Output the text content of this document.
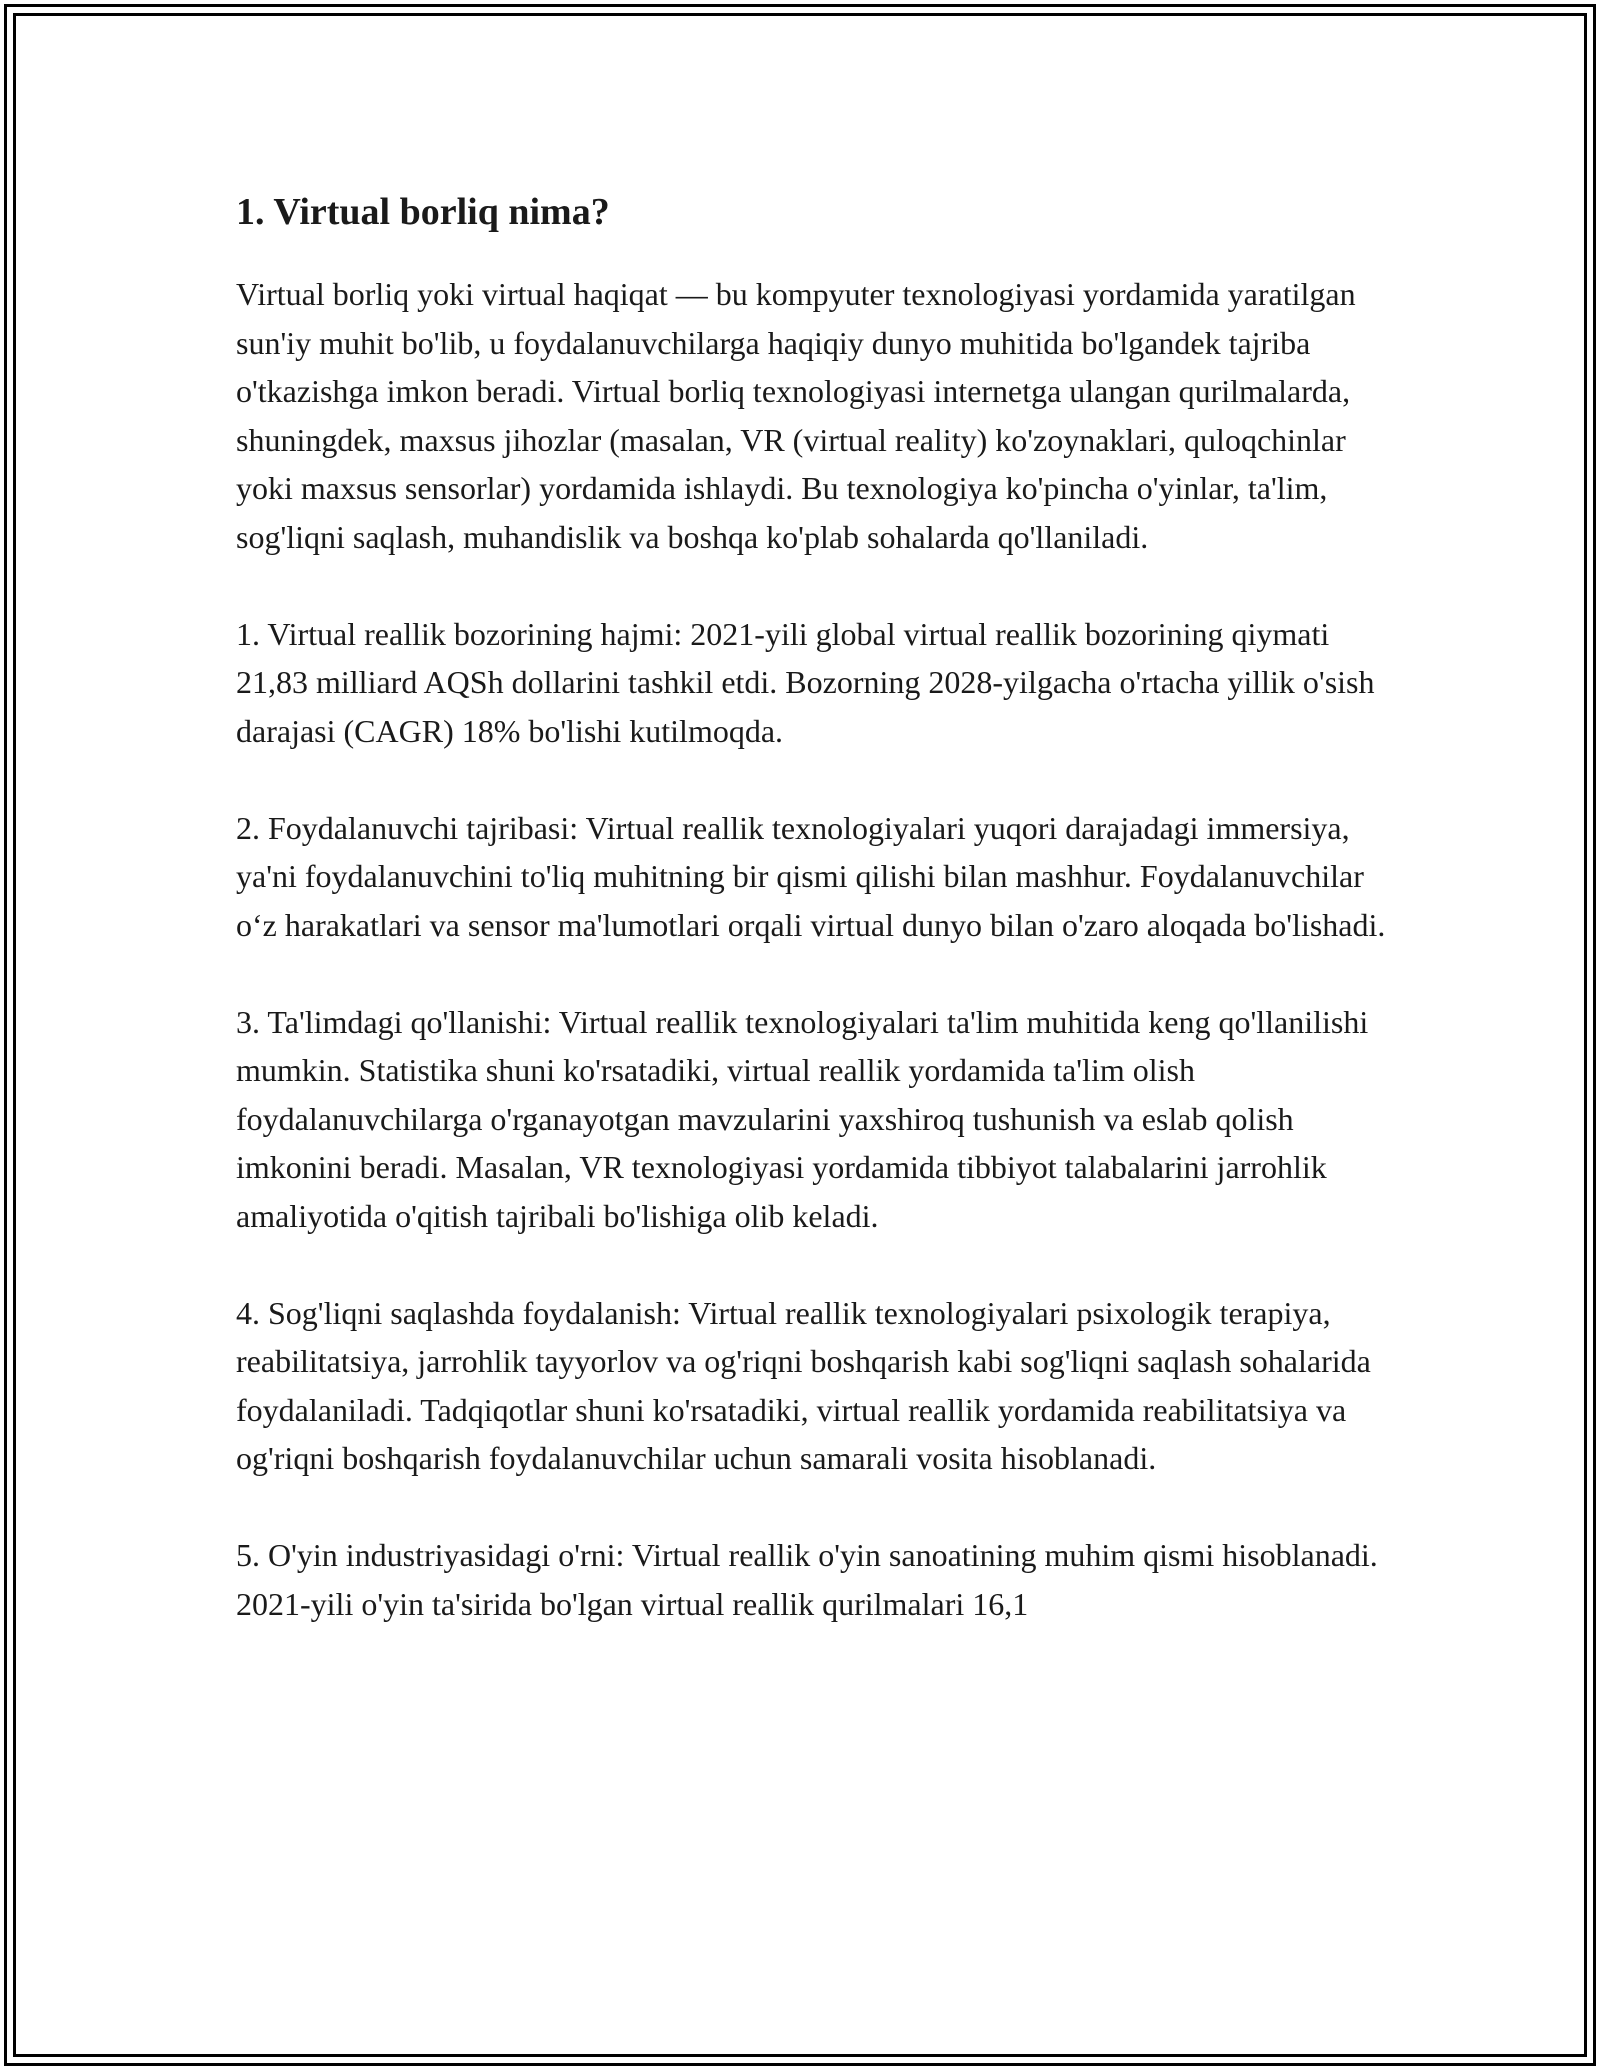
1. Virtual borliq nima?

Virtual borliq yoki virtual haqiqat — bu kompyuter texnologiyasi yordamida yaratilgan sun'iy muhit bo'lib, u foydalanuvchilarga haqiqiy dunyo muhitida bo'lgandek tajriba o'tkazishga imkon beradi. Virtual borliq texnologiyasi internetga ulangan qurilmalarda, shuningdek, maxsus jihozlar (masalan, VR (virtual reality) ko'zoynaklari, quloqchinlar yoki maxsus sensorlar) yordamida ishlaydi. Bu texnologiya ko'pincha o'yinlar, ta'lim, sog'liqni saqlash, muhandislik va boshqa ko'plab sohalarda qo'llaniladi.

1. Virtual reallik bozorining hajmi: 2021-yili global virtual reallik bozorining qiymati 21,83 milliard AQSh dollarini tashkil etdi. Bozorning 2028-yilgacha o'rtacha yillik o'sish darajasi (CAGR) 18% bo'lishi kutilmoqda.

2. Foydalanuvchi tajribasi: Virtual reallik texnologiyalari yuqori darajadagi immersiya, ya'ni foydalanuvchini to'liq muhitning bir qismi qilishi bilan mashhur. Foydalanuvchilar o‘z harakatlari va sensor ma'lumotlari orqali virtual dunyo bilan o'zaro aloqada bo'lishadi.

3. Ta'limdagi qo'llanishi: Virtual reallik texnologiyalari ta'lim muhitida keng qo'llanilishi mumkin. Statistika shuni ko'rsatadiki, virtual reallik yordamida ta'lim olish foydalanuvchilarga o'rganayotgan mavzularini yaxshiroq tushunish va eslab qolish imkonini beradi. Masalan, VR texnologiyasi yordamida tibbiyot talabalarini jarrohlik amaliyotida o'qitish tajribali bo'lishiga olib keladi.

4. Sog'liqni saqlashda foydalanish: Virtual reallik texnologiyalari psixologik terapiya, reabilitatsiya, jarrohlik tayyorlov va og'riqni boshqarish kabi sog'liqni saqlash sohalarida foydalaniladi. Tadqiqotlar shuni ko'rsatadiki, virtual reallik yordamida reabilitatsiya va og'riqni boshqarish foydalanuvchilar uchun samarali vosita hisoblanadi.

5. O'yin industriyasidagi o'rni: Virtual reallik o'yin sanoatining muhim qismi hisoblanadi. 2021-yili o'yin ta'sirida bo'lgan virtual reallik qurilmalari 16,1
